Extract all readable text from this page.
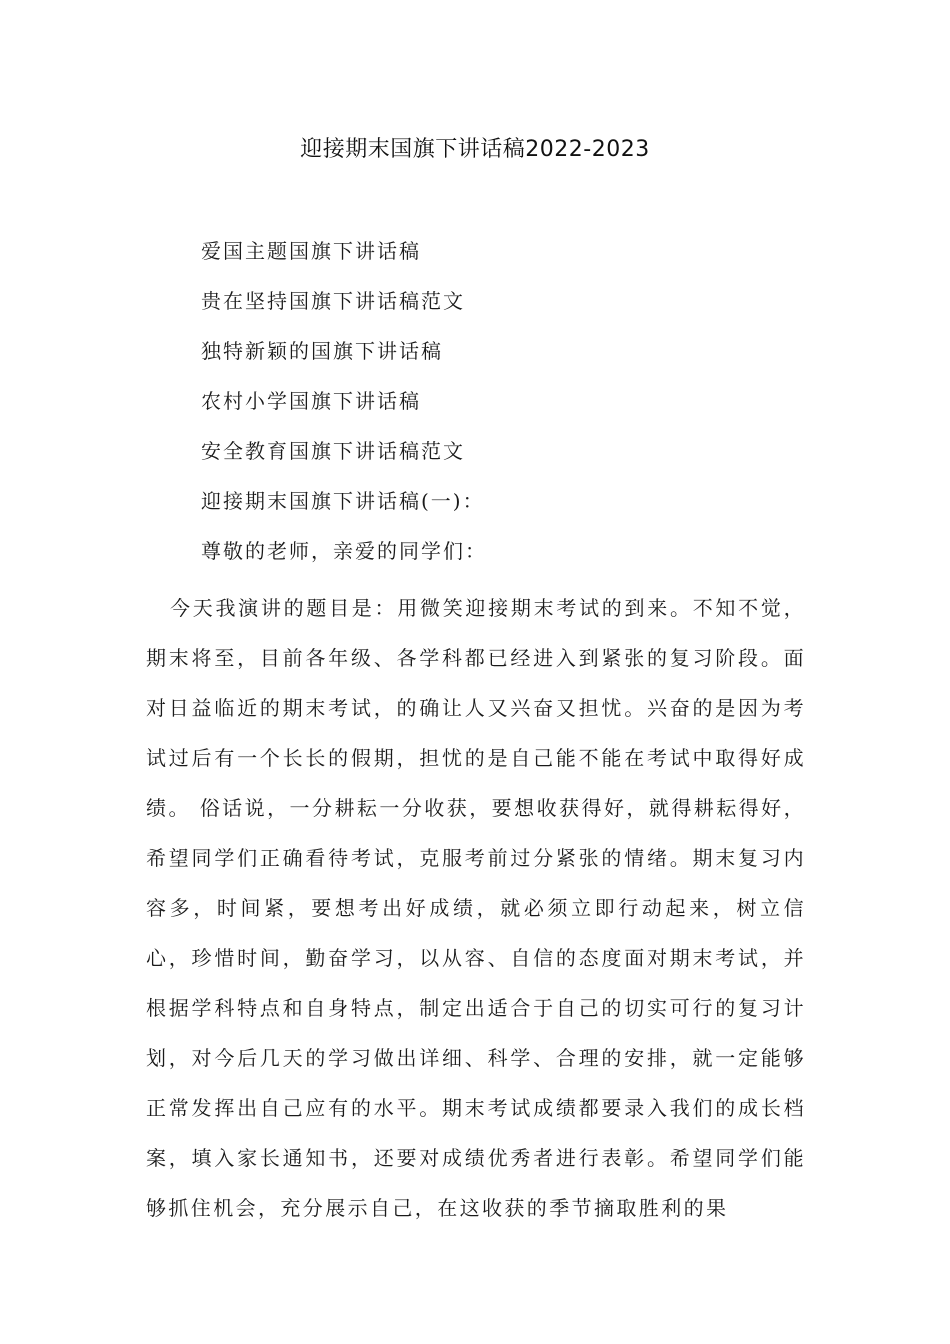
迎接期末国旗下讲话稿2022-2023
爱国主题国旗下讲话稿
贵在坚持国旗下讲话稿范文
独特新颖的国旗下讲话稿
农村小学国旗下讲话稿
安全教育国旗下讲话稿范文
迎接期末国旗下讲话稿(一)：
尊敬的老师，亲爱的同学们：

今天我演讲的题目是：用微笑迎接期末考试的到来。不知不觉，期末将至，目前各年级、各学科都已经进入到紧张的复习阶段。面对日益临近的期末考试，的确让人又兴奋又担忧。兴奋的是因为考试过后有一个长长的假期，担忧的是自己能不能在考试中取得好成绩。 俗话说，一分耕耘一分收获，要想收获得好，就得耕耘得好，希望同学们正确看待考试，克服考前过分紧张的情绪。期末复习内容多，时间紧，要想考出好成绩，就必须立即行动起来，树立信心，珍惜时间，勤奋学习，以从容、自信的态度面对期末考试，并根据学科特点和自身特点，制定出适合于自己的切实可行的复习计划，对今后几天的学习做出详细、科学、合理的安排，就一定能够正常发挥出自己应有的水平。期末考试成绩都要录入我们的成长档案，填入家长通知书，还要对成绩优秀者进行表彰。希望同学们能够抓住机会，充分展示自己，在这收获的季节摘取胜利的果
